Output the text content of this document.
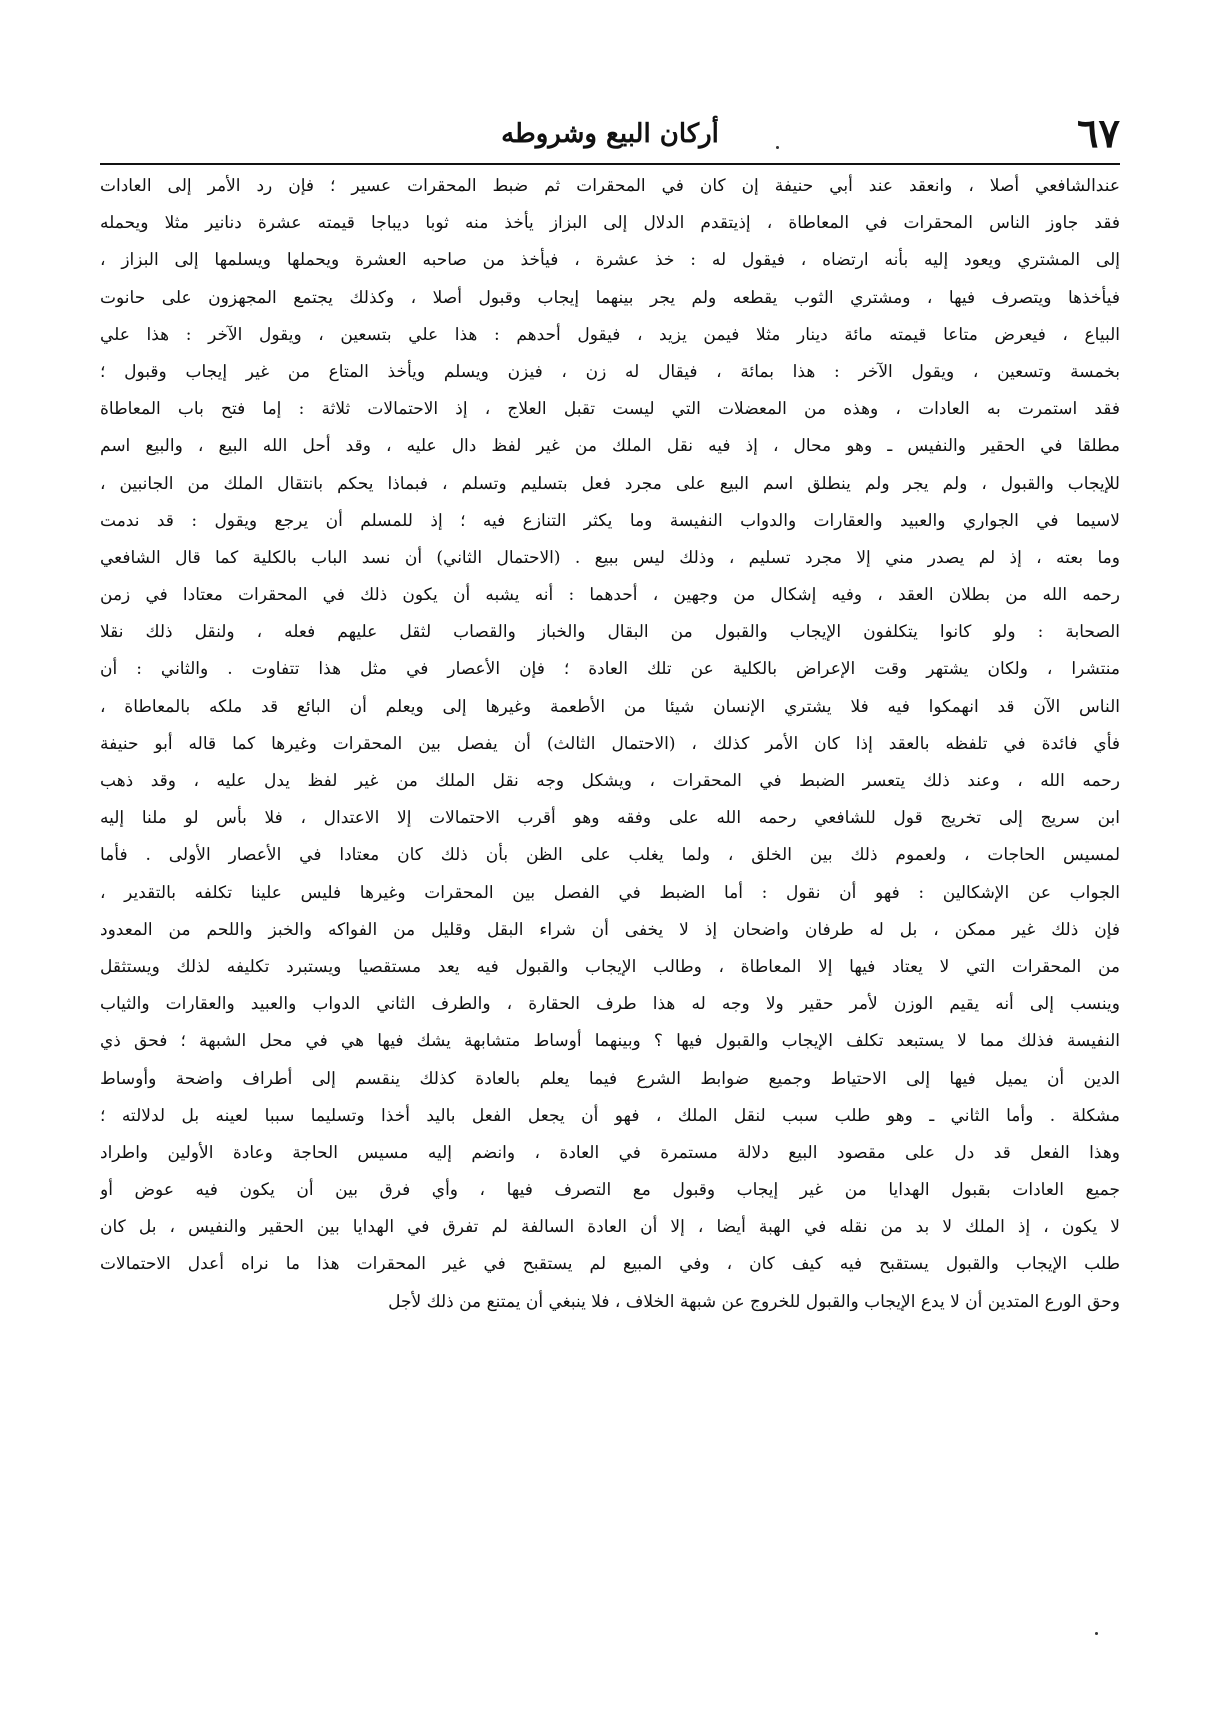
٦٧
أركان البيع وشروطه
عندالشافعي أصلا ، وانعقد عند أبي حنيفة إن كان في المحقرات ثم ضبط المحقرات عسير ؛ فإن رد الأمر إلى العادات
فقد جاوز الناس المحقرات في المعاطاة ، إذيتقدم الدلال إلى البزاز يأخذ منه ثوبا ديباجا قيمته عشرة دنانير مثلا ويحمله
إلى المشتري ويعود إليه بأنه ارتضاه ، فيقول له : خذ عشرة ، فيأخذ من صاحبه العشرة ويحملها ويسلمها إلى البزاز ،
فيأخذها ويتصرف فيها ، ومشتري الثوب يقطعه ولم يجر بينهما إيجاب وقبول أصلا ، وكذلك يجتمع المجهزون على حانوت
البياع ، فيعرض متاعا قيمته مائة دينار مثلا فيمن يزيد ، فيقول أحدهم : هذا علي بتسعين ، ويقول الآخر : هذا علي
بخمسة وتسعين ، ويقول الآخر : هذا بمائة ، فيقال له زن ، فيزن ويسلم ويأخذ المتاع من غير إيجاب وقبول ؛
فقد استمرت به العادات ، وهذه من المعضلات التي ليست تقبل العلاج ، إذ الاحتمالات ثلاثة : إما فتح باب المعاطاة
مطلقا في الحقير والنفيس ـ وهو محال ، إذ فيه نقل الملك من غير لفظ دال عليه ، وقد أحل الله البيع ، والبيع اسم
للإيجاب والقبول ، ولم يجر ولم ينطلق اسم البيع على مجرد فعل بتسليم وتسلم ، فبماذا يحكم بانتقال الملك من الجانبين ،
لاسيما في الجواري والعبيد والعقارات والدواب النفيسة وما يكثر التنازع فيه ؛ إذ للمسلم أن يرجع ويقول : قد ندمت
وما بعته ، إذ لم يصدر مني إلا مجرد تسليم ، وذلك ليس ببيع . (الاحتمال الثاني) أن نسد الباب بالكلية كما قال الشافعي
رحمه الله من بطلان العقد ، وفيه إشكال من وجهين ، أحدهما : أنه يشبه أن يكون ذلك في المحقرات معتادا في زمن
الصحابة : ولو كانوا يتكلفون الإيجاب والقبول من البقال والخباز والقصاب لثقل عليهم فعله ، ولنقل ذلك نقلا
منتشرا ، ولكان يشتهر وقت الإعراض بالكلية عن تلك العادة ؛ فإن الأعصار في مثل هذا تتفاوت . والثاني : أن
الناس الآن قد انهمكوا فيه فلا يشتري الإنسان شيئا من الأطعمة وغيرها إلى ويعلم أن البائع قد ملكه بالمعاطاة ،
فأي فائدة في تلفظه بالعقد إذا كان الأمر كذلك ، (الاحتمال الثالث) أن يفصل بين المحقرات وغيرها كما قاله أبو حنيفة
رحمه الله ، وعند ذلك يتعسر الضبط في المحقرات ، ويشكل وجه نقل الملك من غير لفظ يدل عليه ، وقد ذهب
ابن سريج إلى تخريج قول للشافعي رحمه الله على وفقه وهو أقرب الاحتمالات إلا الاعتدال ، فلا بأس لو ملنا إليه
لمسيس الحاجات ، ولعموم ذلك بين الخلق ، ولما يغلب على الظن بأن ذلك كان معتادا في الأعصار الأولى . فأما
الجواب عن الإشكالين : فهو أن نقول : أما الضبط في الفصل بين المحقرات وغيرها فليس علينا تكلفه بالتقدير ،
فإن ذلك غير ممكن ، بل له طرفان واضحان إذ لا يخفى أن شراء البقل وقليل من الفواكه والخبز واللحم من المعدود
من المحقرات التي لا يعتاد فيها إلا المعاطاة ، وطالب الإيجاب والقبول فيه يعد مستقصيا ويستبرد تكليفه لذلك ويستثقل
وينسب إلى أنه يقيم الوزن لأمر حقير ولا وجه له هذا طرف الحقارة ، والطرف الثاني الدواب والعبيد والعقارات والثياب
النفيسة فذلك مما لا يستبعد تكلف الإيجاب والقبول فيها ؟ وبينهما أوساط متشابهة يشك فيها هي في محل الشبهة ؛ فحق ذي
الدين أن يميل فيها إلى الاحتياط وجميع ضوابط الشرع فيما يعلم بالعادة كذلك ينقسم إلى أطراف واضحة وأوساط
مشكلة . وأما الثاني ـ وهو طلب سبب لنقل الملك ، فهو أن يجعل الفعل باليد أخذا وتسليما سببا لعينه بل لدلالته ؛
وهذا الفعل قد دل على مقصود البيع دلالة مستمرة في العادة ، وانضم إليه مسيس الحاجة وعادة الأولين واطراد
جميع العادات بقبول الهدايا من غير إيجاب وقبول مع التصرف فيها ، وأي فرق بين أن يكون فيه عوض أو
لا يكون ، إذ الملك لا بد من نقله في الهبة أيضا ، إلا أن العادة السالفة لم تفرق في الهدايا بين الحقير والنفيس ، بل كان
طلب الإيجاب والقبول يستقبح فيه كيف كان ، وفي المبيع لم يستقبح في غير المحقرات هذا ما نراه أعدل الاحتمالات
وحق الورع المتدين أن لا يدع الإيجاب والقبول للخروج عن شبهة الخلاف ، فلا ينبغي أن يمتنع من ذلك لأجل
